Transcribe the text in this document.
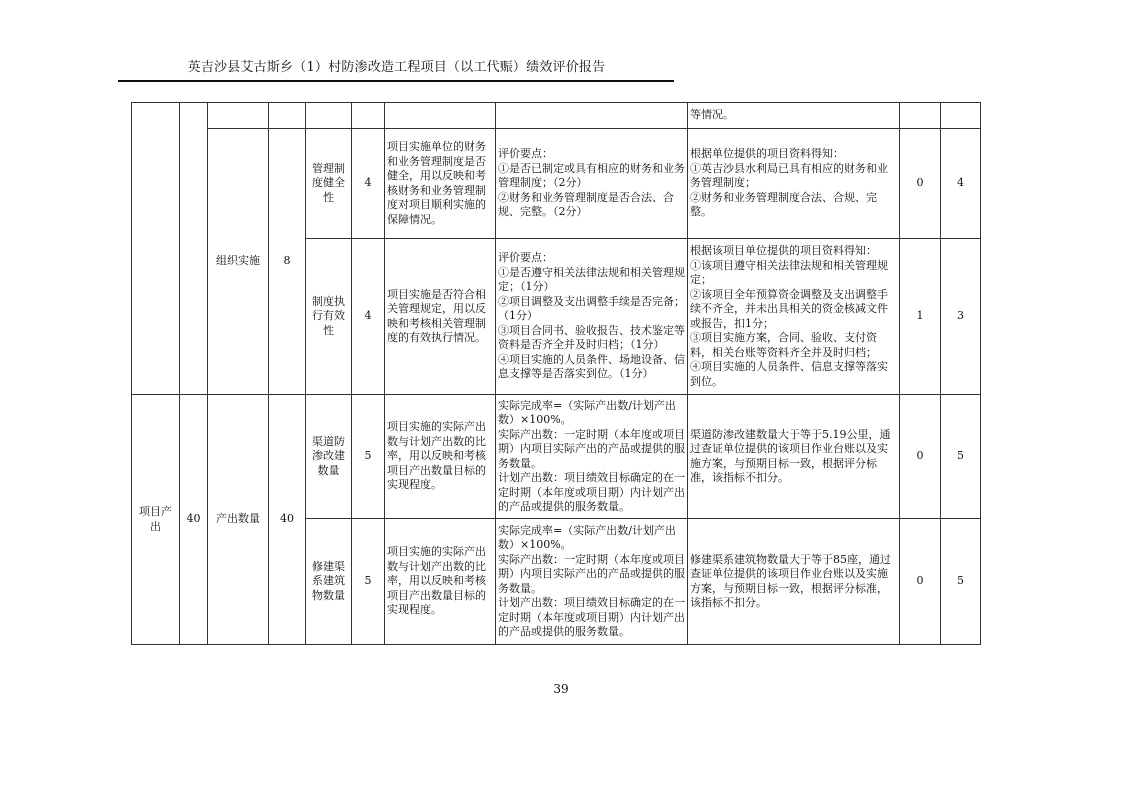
英吉沙县艾古斯乡（1）村防渗改造工程项目（以工代赈）绩效评价报告
								等情况。		
		组织实施	8	管理制度健全性	4	项目实施单位的财务和业务管理制度是否健全，用以反映和考核财务和业务管理制度对项目顺利实施的保障情况。	评价要点：
①是否已制定或具有相应的财务和业务管理制度；（2分）
②财务和业务管理制度是否合法、合规、完整。（2分）	根据单位提供的项目资料得知：
①英吉沙县水利局已具有相应的财务和业务管理制度；
②财务和业务管理制度合法、合规、完整。	0	4
				制度执行有效性	4	项目实施是否符合相关管理规定，用以反映和考核相关管理制度的有效执行情况。	评价要点：
①是否遵守相关法律法规和相关管理规定；（1分）
②项目调整及支出调整手续是否完备；（1分）
③项目合同书、验收报告、技术鉴定等资料是否齐全并及时归档；（1分）
④项目实施的人员条件、场地设备、信息支撑等是否落实到位。（1分）	根据该项目单位提供的项目资料得知：
①该项目遵守相关法律法规和相关管理规定；
②该项目全年预算资金调整及支出调整手续不齐全，并未出具相关的资金核减文件或报告，扣1分；
③项目实施方案，合同、验收、支付资料，相关台账等资料齐全并及时归档；
④项目实施的人员条件、信息支撑等落实到位。	1	3
项目产出	40	产出数量	40	渠道防渗改建数量	5	项目实施的实际产出数与计划产出数的比率，用以反映和考核项目产出数量目标的实现程度。	实际完成率=（实际产出数/计划产出数）×100%。
实际产出数：一定时期（本年度或项目期）内项目实际产出的产品或提供的服务数量。
计划产出数：项目绩效目标确定的在一定时期（本年度或项目期）内计划产出的产品或提供的服务数量。	渠道防渗改建数量大于等于5.19公里，通过查证单位提供的该项目作业台账以及实施方案，与预期目标一致，根据评分标准，该指标不扣分。	0	5
				修建渠系建筑物数量	5	项目实施的实际产出数与计划产出数的比率，用以反映和考核项目产出数量目标的实现程度。	实际完成率=（实际产出数/计划产出数）×100%。
实际产出数：一定时期（本年度或项目期）内项目实际产出的产品或提供的服务数量。
计划产出数：项目绩效目标确定的在一定时期（本年度或项目期）内计划产出的产品或提供的服务数量。	修建渠系建筑物数量大于等于85座，通过查证单位提供的该项目作业台账以及实施方案，与预期目标一致，根据评分标准，该指标不扣分。	0	5
39
